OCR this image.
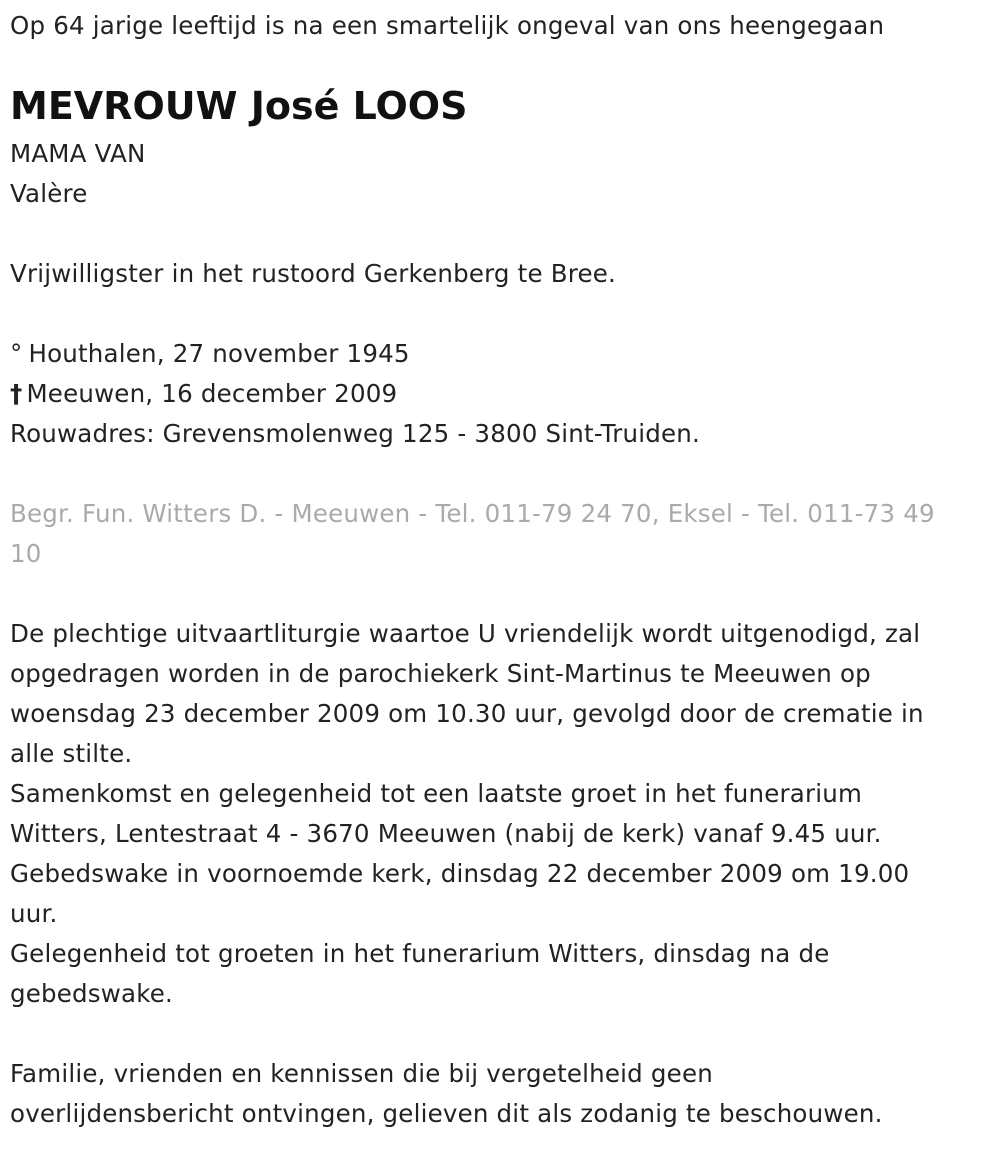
Op 64 jarige leeftijd is na een smartelijk ongeval van ons heengegaan
MEVROUW José LOOS
MAMA VAN
Valère
Vrijwilligster in het rustoord Gerkenberg te Bree.
° Houthalen, 27 november 1945
† Meeuwen, 16 december 2009
Rouwadres: Grevensmolenweg 125 - 3800 Sint-Truiden.
Begr. Fun. Witters D. - Meeuwen - Tel. 011-79 24 70, Eksel - Tel. 011-73 49
10
De plechtige uitvaartliturgie waartoe U vriendelijk wordt uitgenodigd, zal
opgedragen worden in de parochiekerk Sint-Martinus te Meeuwen op
woensdag 23 december 2009 om 10.30 uur, gevolgd door de crematie in
alle stilte.
Samenkomst en gelegenheid tot een laatste groet in het funerarium
Witters, Lentestraat 4 - 3670 Meeuwen (nabij de kerk) vanaf 9.45 uur.
Gebedswake in voornoemde kerk, dinsdag 22 december 2009 om 19.00
uur.
Gelegenheid tot groeten in het funerarium Witters, dinsdag na de
gebedswake.
Familie, vrienden en kennissen die bij vergetelheid geen
overlijdensbericht ontvingen, gelieven dit als zodanig te beschouwen.
